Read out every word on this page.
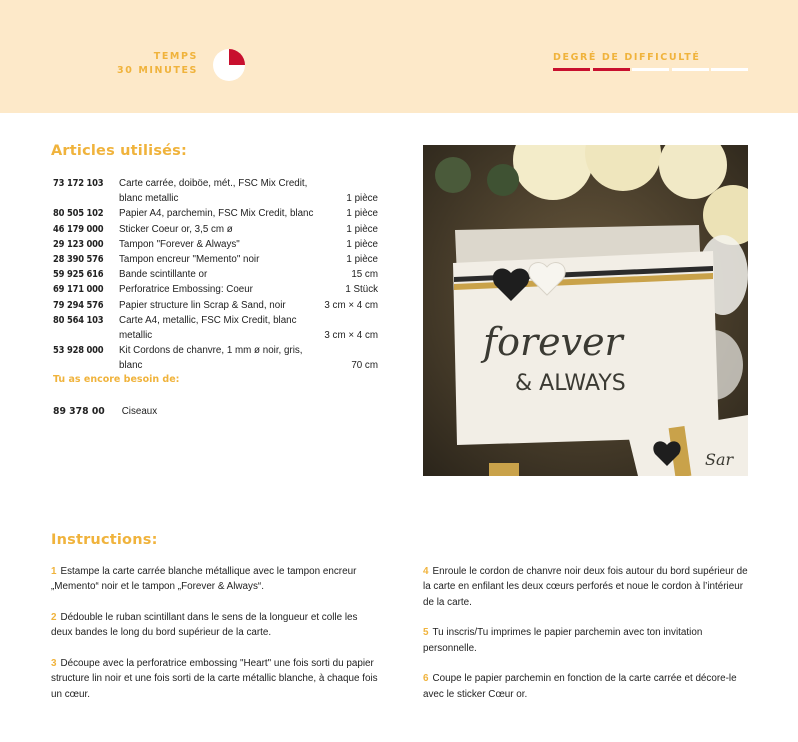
TEMPS
30 MINUTES
DEGRÉ DE DIFFICULTÉ
Articles utilisés:
73 172 103	Carte carrée, doiböe, mét., FSC Mix Credit, blanc metallic	1 pièce
80 505 102	Papier A4, parchemin, FSC Mix Credit, blanc	1 pièce
46 179 000	Sticker Coeur or, 3,5 cm ø	1 pièce
29 123 000	Tampon "Forever & Always"	1 pièce
28 390 576	Tampon encreur "Memento" noir	1 pièce
59 925 616	Bande scintillante or	15 cm
69 171 000	Perforatrice Embossing: Coeur	1 Stück
79 294 576	Papier structure lin Scrap & Sand, noir	3 cm × 4 cm
80 564 103	Carte A4, metallic, FSC Mix Credit, blanc metallic	3 cm × 4 cm
53 928 000	Kit Cordons de chanvre, 1 mm ø noir, gris, blanc	70 cm
Tu as encore besoin de:
89 378 00 Ciseaux
forever
& ALWAYS
Sar
Instructions:
1 Estampe la carte carrée blanche métallique avec le tampon encreur „Memento“ noir et le tampon „Forever & Always“.
2 Dédouble le ruban scintillant dans le sens de la longueur et colle les deux bandes le long du bord supérieur de la carte.
3 Découpe avec la perforatrice embossing "Heart" une fois sorti du papier structure lin noir et une fois sorti de la carte métallic blanche, à chaque fois un cœur.
4 Enroule le cordon de chanvre noir deux fois autour du bord supérieur de la carte en enfilant les deux cœurs perforés et noue le cordon à l’intérieur de la carte.
5 Tu inscris/Tu imprimes le papier parchemin avec ton invitation personnelle.
6 Coupe le papier parchemin en fonction de la carte carrée et décore-le avec le sticker Cœur or.
